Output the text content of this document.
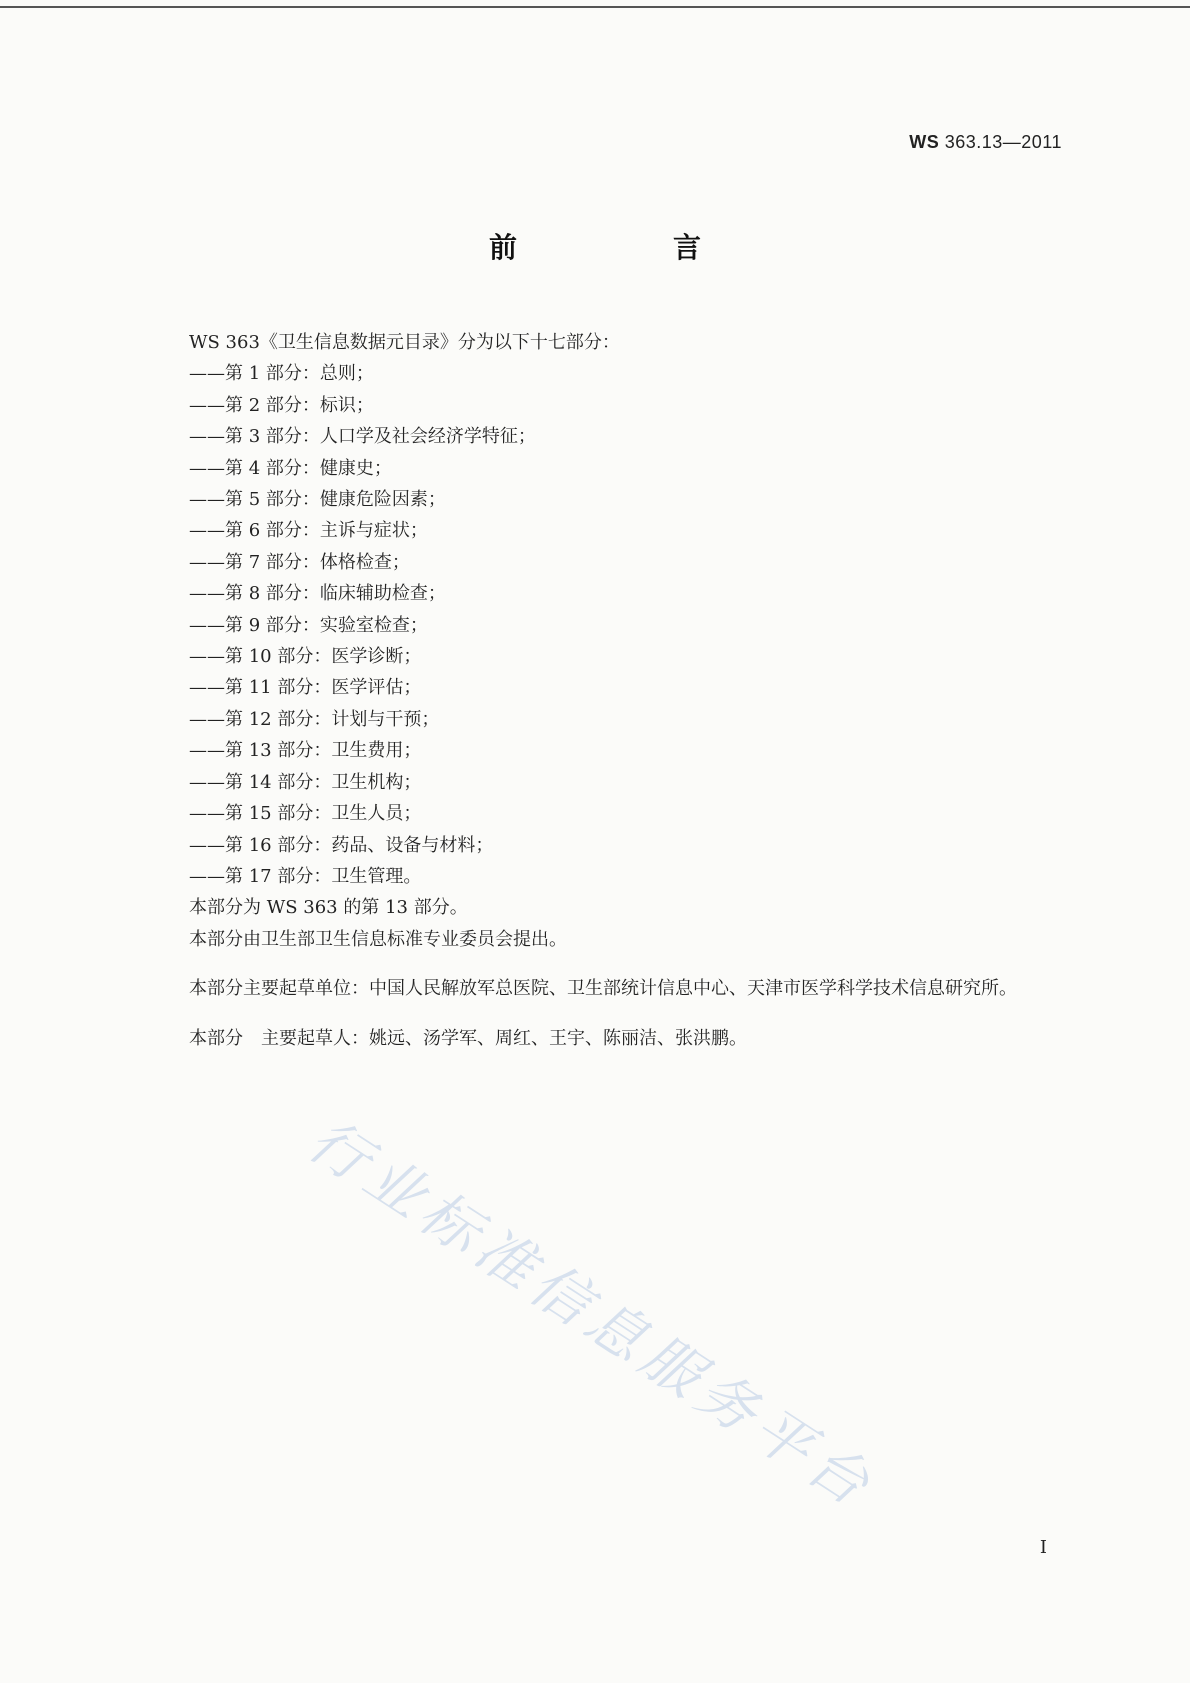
WS 363.13—2011
前　言

WS 363《卫生信息数据元目录》分为以下十七部分：

——第 1 部分：总则；

——第 2 部分：标识；

——第 3 部分：人口学及社会经济学特征；

——第 4 部分：健康史；

——第 5 部分：健康危险因素；

——第 6 部分：主诉与症状；

——第 7 部分：体格检查；

——第 8 部分：临床辅助检查；

——第 9 部分：实验室检查；

——第 10 部分：医学诊断；

——第 11 部分：医学评估；

——第 12 部分：计划与干预；

——第 13 部分：卫生费用；

——第 14 部分：卫生机构；

——第 15 部分：卫生人员；

——第 16 部分：药品、设备与材料；

——第 17 部分：卫生管理。

本部分为 WS 363 的第 13 部分。

本部分由卫生部卫生信息标准专业委员会提出。

本部分主要起草单位：中国人民解放军总医院、卫生部统计信息中心、天津市医学科学技术信息研究所。

本部分　主要起草人：姚远、汤学军、周红、王宇、陈丽洁、张洪鹏。

行业标准信息服务平台
I
